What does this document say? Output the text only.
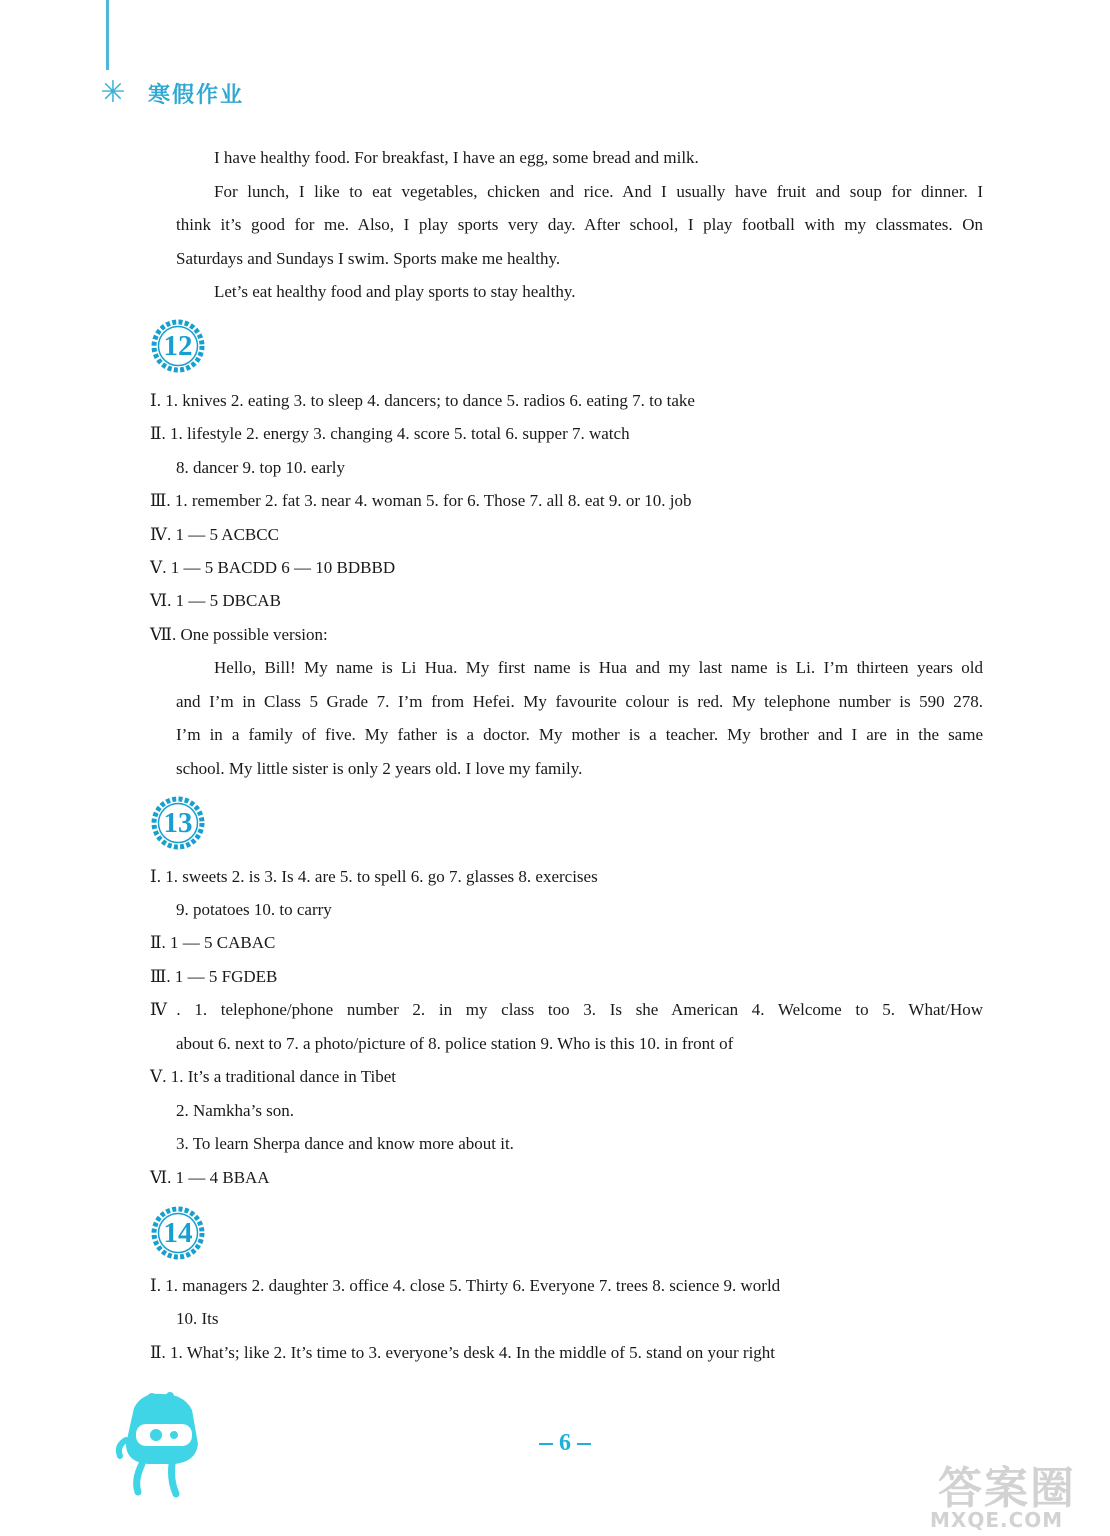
✳ 寒假作业
I have healthy food. For breakfast, I have an egg, some bread and milk.
For lunch, I like to eat vegetables, chicken and rice. And I usually have fruit and soup for dinner. I
think it’s good for me. Also, I play sports very day. After school, I play football with my classmates. On
Saturdays and Sundays I swim. Sports make me healthy.
Let’s eat healthy food and play sports to stay healthy.
12
Ⅰ. 1. knives 2. eating 3. to sleep 4. dancers; to dance 5. radios 6. eating 7. to take
Ⅱ. 1. lifestyle 2. energy 3. changing 4. score 5. total 6. supper 7. watch
8. dancer 9. top 10. early
Ⅲ. 1. remember 2. fat 3. near 4. woman 5. for 6. Those 7. all 8. eat 9. or 10. job
Ⅳ. 1 — 5 ACBCC
Ⅴ. 1 — 5 BACDD 6 — 10 BDBBD
Ⅵ. 1 — 5 DBCAB
Ⅶ. One possible version:
Hello, Bill! My name is Li Hua. My first name is Hua and my last name is Li. I’m thirteen years old
and I’m in Class 5 Grade 7. I’m from Hefei. My favourite colour is red. My telephone number is 590 278.
I’m in a family of five. My father is a doctor. My mother is a teacher. My brother and I are in the same
school. My little sister is only 2 years old. I love my family.
13
Ⅰ. 1. sweets 2. is 3. Is 4. are 5. to spell 6. go 7. glasses 8. exercises
9. potatoes 10. to carry
Ⅱ. 1 — 5 CABAC
Ⅲ. 1 — 5 FGDEB
Ⅳ. 1. telephone/phone number 2. in my class too 3. Is she American 4. Welcome to 5. What/How
about 6. next to 7. a photo/picture of 8. police station 9. Who is this 10. in front of
Ⅴ. 1. It’s a traditional dance in Tibet
2. Namkha’s son.
3. To learn Sherpa dance and know more about it.
Ⅵ. 1 — 4 BBAA
14
Ⅰ. 1. managers 2. daughter 3. office 4. close 5. Thirty 6. Everyone 7. trees 8. science 9. world
10. Its
Ⅱ. 1. What’s; like 2. It’s time to 3. everyone’s desk 4. In the middle of 5. stand on your right
6
答案圈
MXQE.COM
